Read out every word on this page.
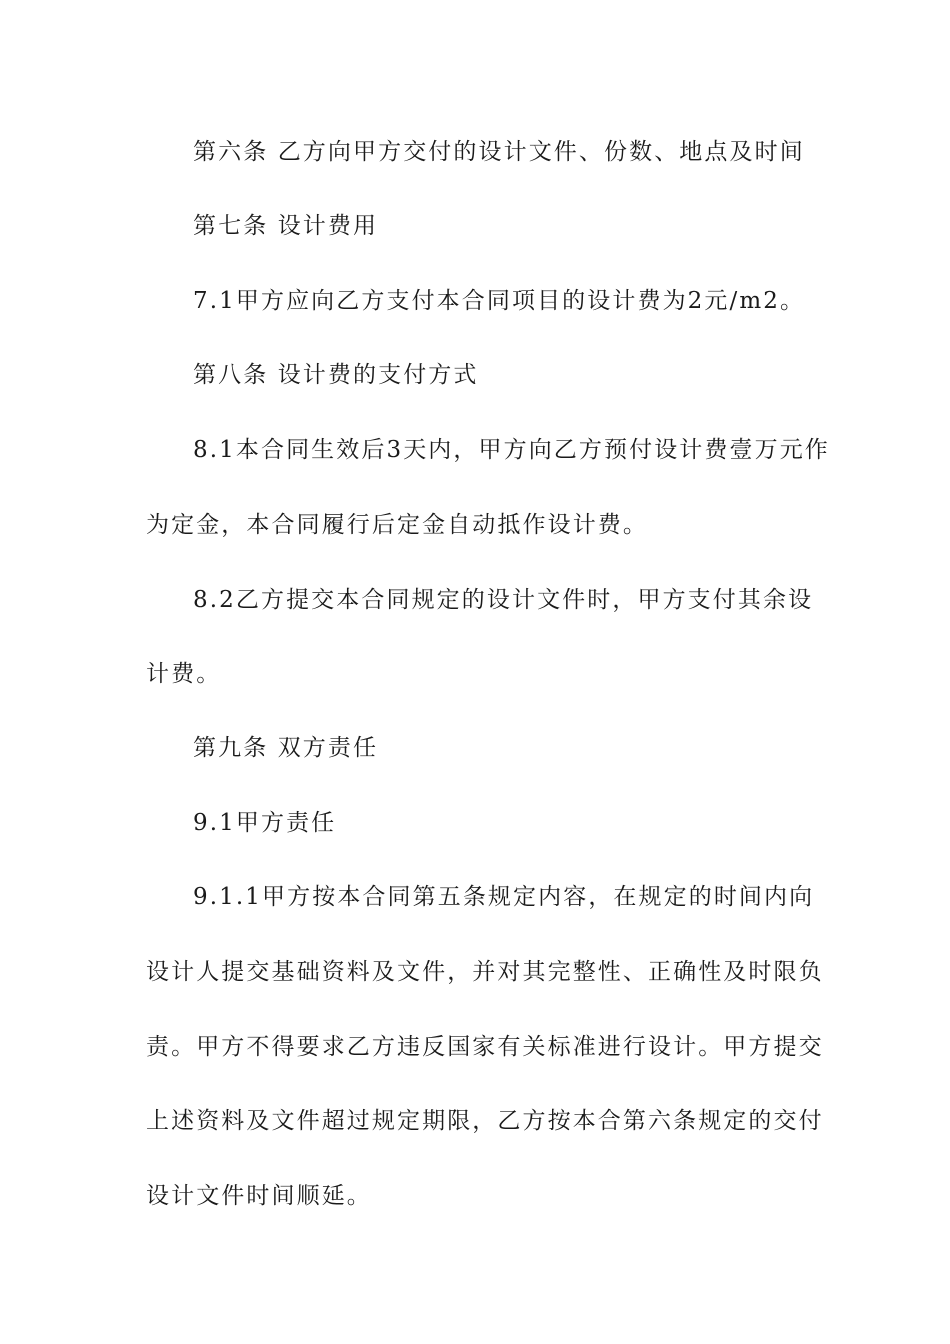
第六条 乙方向甲方交付的设计文件、份数、地点及时间
第七条 设计费用
7.1甲方应向乙方支付本合同项目的设计费为2元/m2。
第八条 设计费的支付方式
8.1本合同生效后3天内，甲方向乙方预付设计费壹万元作
为定金，本合同履行后定金自动抵作设计费。
8.2乙方提交本合同规定的设计文件时，甲方支付其余设
计费。
第九条 双方责任
9.1甲方责任
9.1.1甲方按本合同第五条规定内容，在规定的时间内向
设计人提交基础资料及文件，并对其完整性、正确性及时限负
责。甲方不得要求乙方违反国家有关标准进行设计。甲方提交
上述资料及文件超过规定期限，乙方按本合第六条规定的交付
设计文件时间顺延。
